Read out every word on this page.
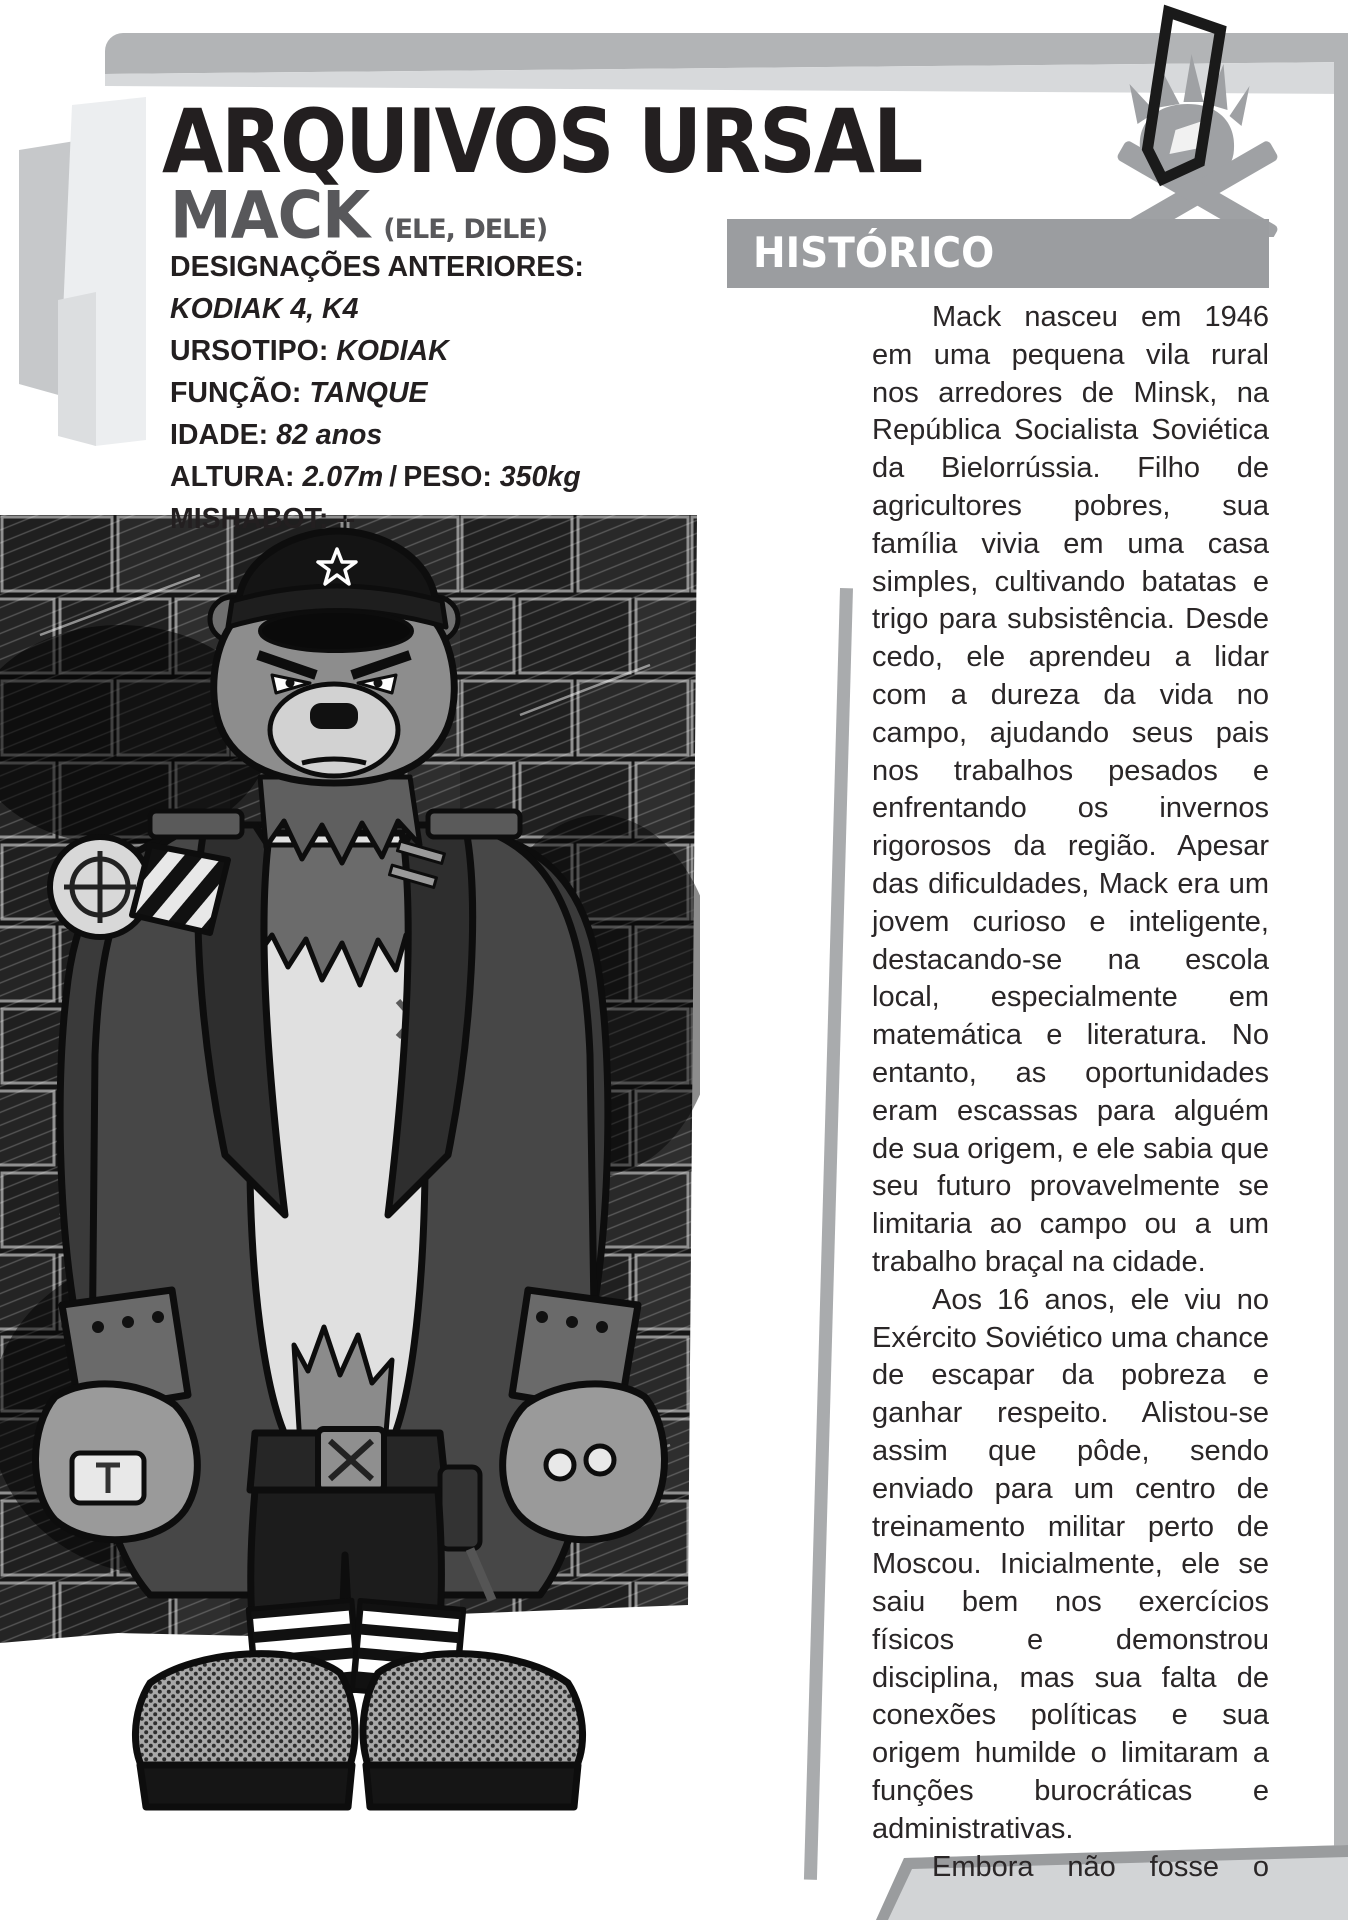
ARQUIVOS URSAL
MACK (ELE, DELE)
DESIGNAÇÕES ANTERIORES:
KODIAK 4, K4
URSOTIPO: KODIAK
FUNÇÃO: TANQUE
IDADE: 82 anos
ALTURA: 2.07m / PESO: 350kg
MISHABOT: --
HISTÓRICO

Mack nasceu em 1946 em uma pequena vila rural nos arredores de Minsk, na República Socialista Soviética da Bielorrússia. Filho de agricultores pobres, sua família vivia em uma casa simples, cultivando batatas e trigo para subsistência. Desde cedo, ele aprendeu a lidar com a dureza da vida no campo, ajudando seus pais nos trabalhos pesados e enfrentando os invernos rigorosos da região. Apesar das dificuldades, Mack era um jovem curioso e inteligente, destacando-se na escola local, especialmente em matemática e literatura. No entanto, as oportunidades eram escassas para alguém de sua origem, e ele sabia que seu futuro provavelmente se limitaria ao campo ou a um trabalho braçal na cidade.

Aos 16 anos, ele viu no Exército Soviético uma chance de escapar da pobreza e ganhar respeito. Alistou-se assim que pôde, sendo enviado para um centro de treinamento militar perto de Moscou. Inicialmente, ele se saiu bem nos exercícios físicos e demonstrou disciplina, mas sua falta de conexões políticas e sua origem humilde o limitaram a funções burocráticas e administrativas.

Embora não fosse o
